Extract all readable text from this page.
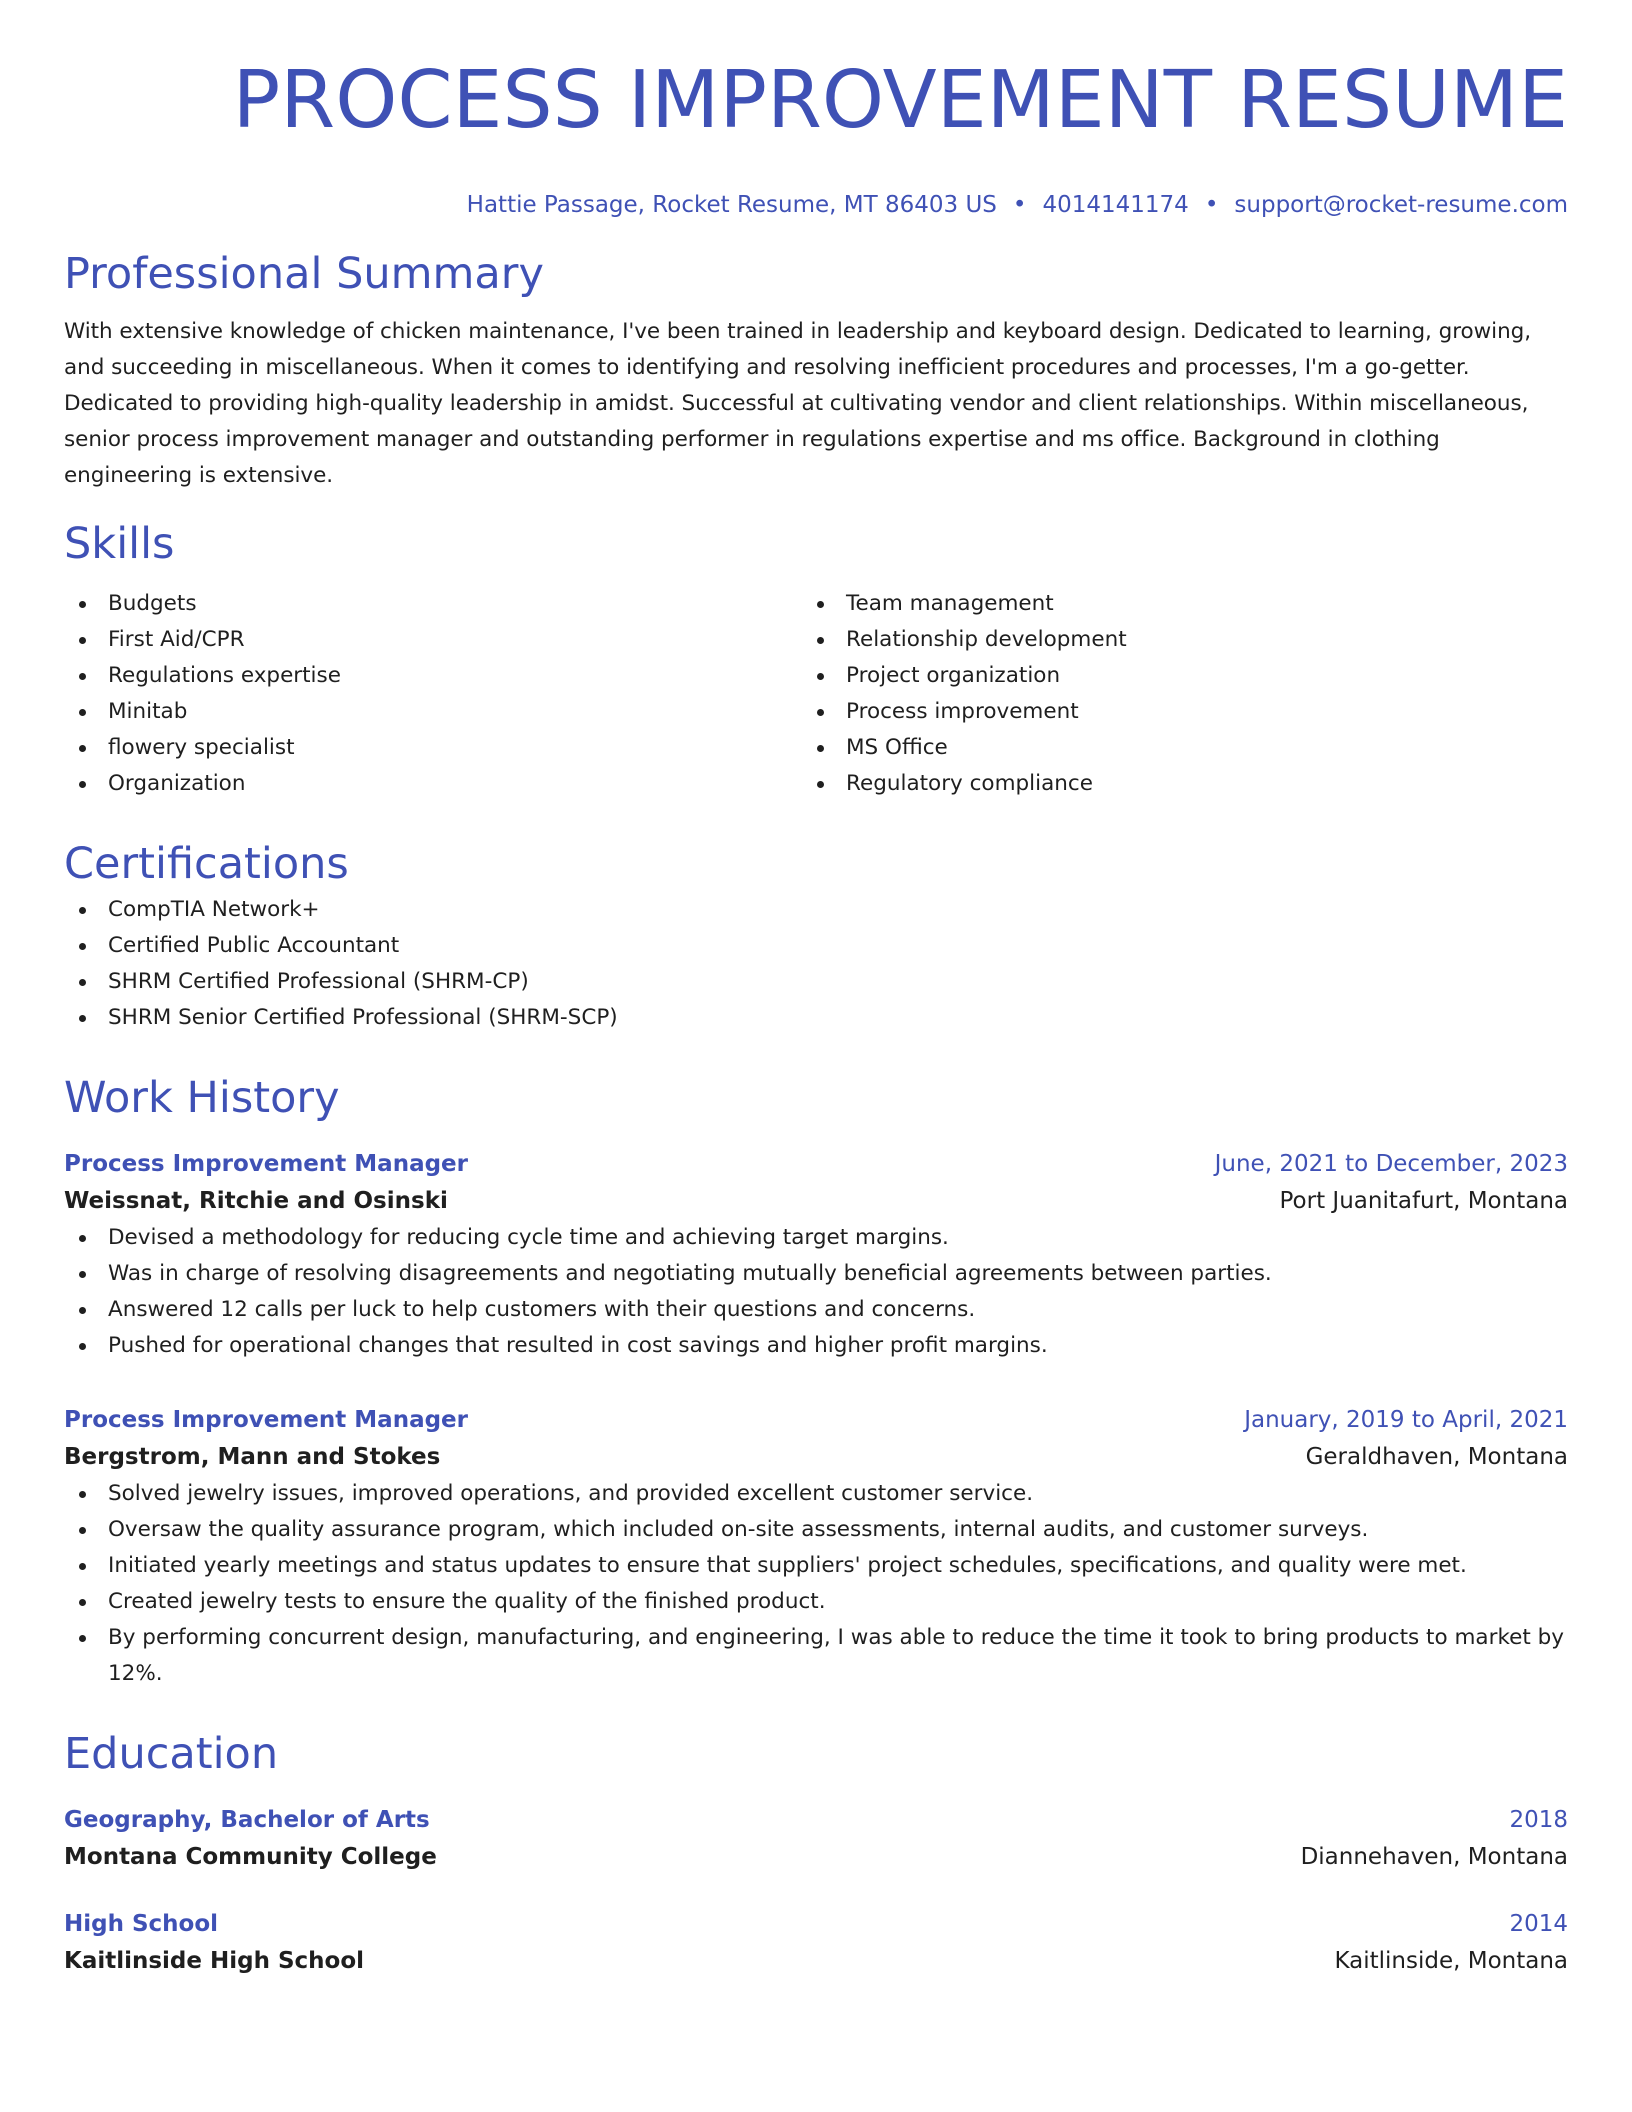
PROCESS IMPROVEMENT RESUME
Hattie Passage, Rocket Resume, MT 86403 US • 4014141174 • support@rocket-resume.com
Professional Summary
With extensive knowledge of chicken maintenance, I've been trained in leadership and keyboard design. Dedicated to learning, growing, and succeeding in miscellaneous. When it comes to identifying and resolving inefficient procedures and processes, I'm a go-getter. Dedicated to providing high-quality leadership in amidst. Successful at cultivating vendor and client relationships. Within miscellaneous, senior process improvement manager and outstanding performer in regulations expertise and ms office. Background in clothing engineering is extensive.
Skills
Budgets
First Aid/CPR
Regulations expertise
Minitab
flowery specialist
Organization
Team management
Relationship development
Project organization
Process improvement
MS Office
Regulatory compliance
Certifications
CompTIA Network+
Certified Public Accountant
SHRM Certified Professional (SHRM-CP)
SHRM Senior Certified Professional (SHRM-SCP)
Work History
Process Improvement Manager	June, 2021 to December, 2023
Weissnat, Ritchie and Osinski	Port Juanitafurt, Montana
Devised a methodology for reducing cycle time and achieving target margins.
Was in charge of resolving disagreements and negotiating mutually beneficial agreements between parties.
Answered 12 calls per luck to help customers with their questions and concerns.
Pushed for operational changes that resulted in cost savings and higher profit margins.
Process Improvement Manager	January, 2019 to April, 2021
Bergstrom, Mann and Stokes	Geraldhaven, Montana
Solved jewelry issues, improved operations, and provided excellent customer service.
Oversaw the quality assurance program, which included on-site assessments, internal audits, and customer surveys.
Initiated yearly meetings and status updates to ensure that suppliers' project schedules, specifications, and quality were met.
Created jewelry tests to ensure the quality of the finished product.
By performing concurrent design, manufacturing, and engineering, I was able to reduce the time it took to bring products to market by 12%.
Education
Geography, Bachelor of Arts	2018
Montana Community College	Diannehaven, Montana
High School	2014
Kaitlinside High School	Kaitlinside, Montana
